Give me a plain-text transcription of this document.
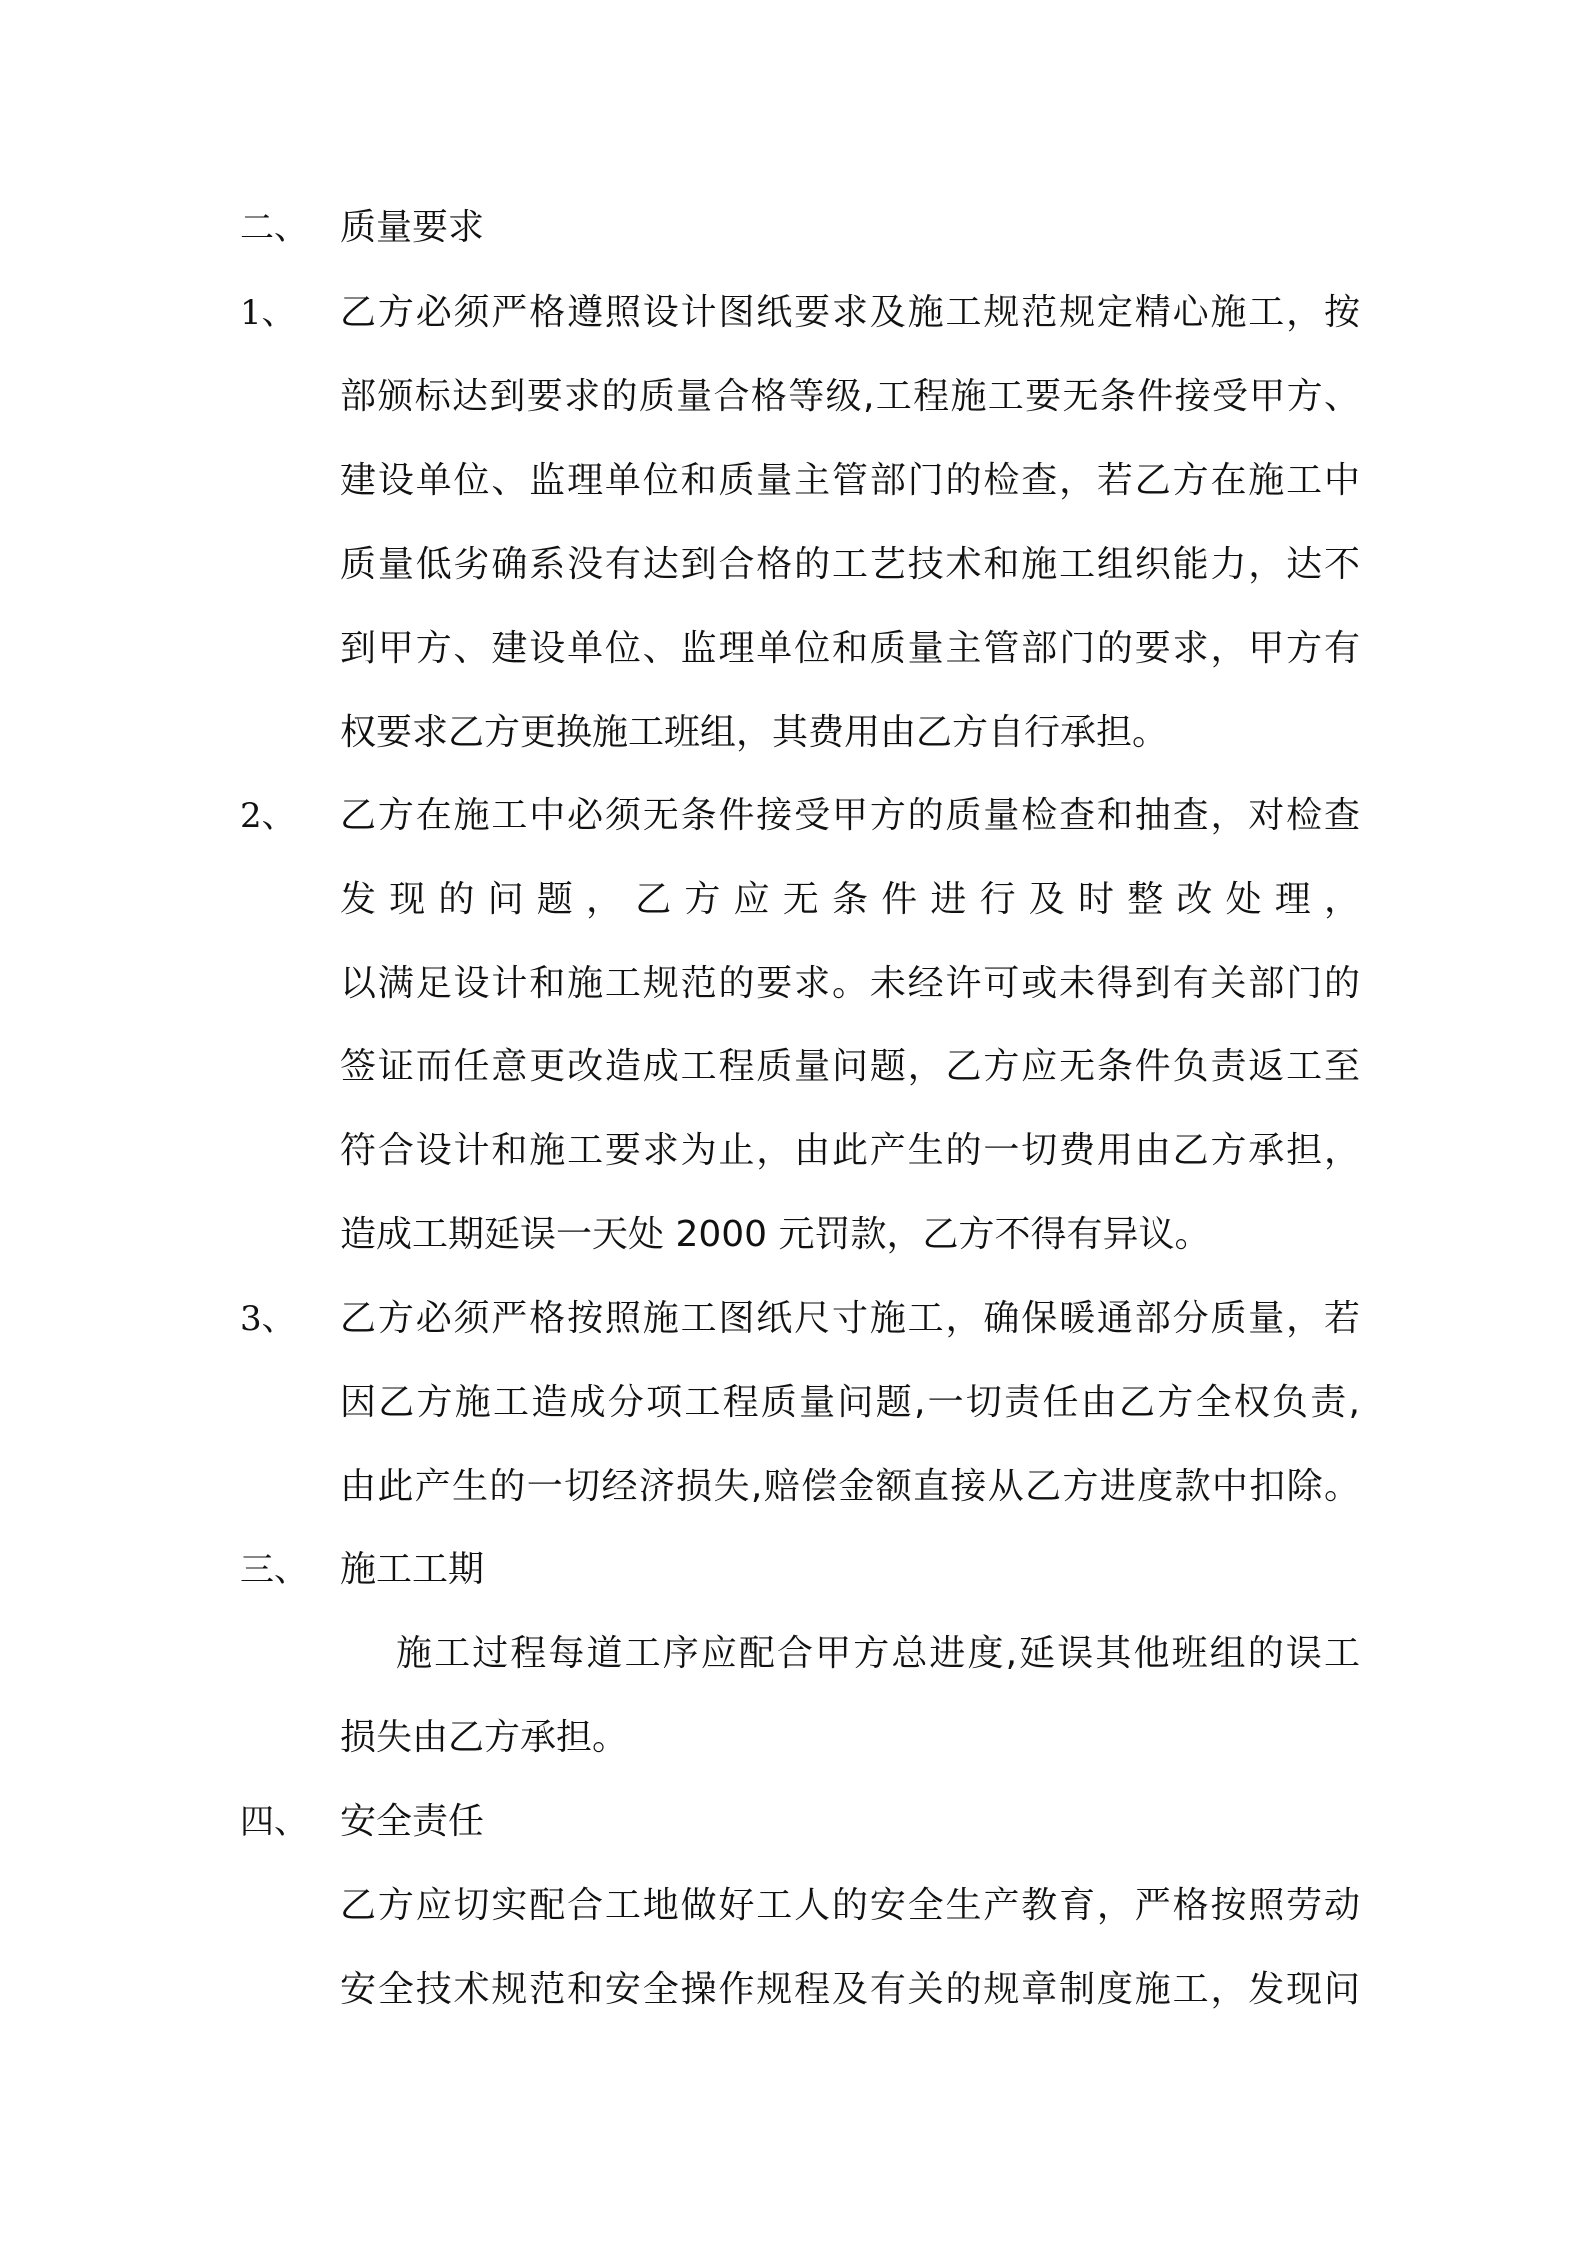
二、 质量要求
1、	乙方必须严格遵照设计图纸要求及施工规范规定精心施工，按
部颁标达到要求的质量合格等级,工程施工要无条件接受甲方、
建设单位、监理单位和质量主管部门的检查，若乙方在施工中
质量低劣确系没有达到合格的工艺技术和施工组织能力，达不
到甲方、建设单位、监理单位和质量主管部门的要求，甲方有
权要求乙方更换施工班组，其费用由乙方自行承担。
2、	乙方在施工中必须无条件接受甲方的质量检查和抽查，对检查
发现的问题，乙方应无条件进行及时整改处理，
以满足设计和施工规范的要求。未经许可或未得到有关部门的
签证而任意更改造成工程质量问题，乙方应无条件负责返工至
符合设计和施工要求为止，由此产生的一切费用由乙方承担，
造成工期延误一天处 2000 元罚款，乙方不得有异议。
3、	乙方必须严格按照施工图纸尺寸施工，确保暖通部分质量，若
因乙方施工造成分项工程质量问题,一切责任由乙方全权负责,
由此产生的一切经济损失,赔偿金额直接从乙方进度款中扣除。
三、 施工工期
施工过程每道工序应配合甲方总进度,延误其他班组的误工
损失由乙方承担。
四、 安全责任
乙方应切实配合工地做好工人的安全生产教育，严格按照劳动
安全技术规范和安全操作规程及有关的规章制度施工，发现问
